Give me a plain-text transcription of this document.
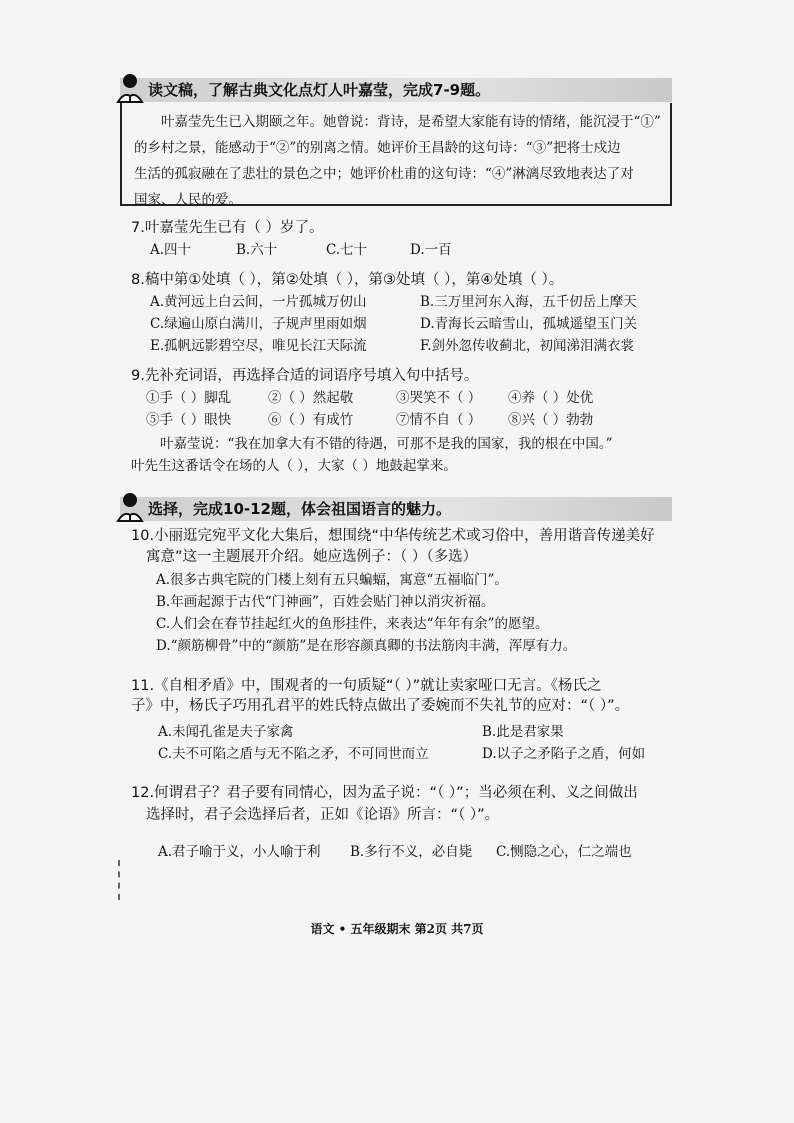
读文稿，了解古典文化点灯人叶嘉莹，完成7-9题。
叶嘉莹先生已入期颐之年。她曾说：背诗，是希望大家能有诗的情绪，能沉浸于“①”
的乡村之景，能感动于“②”的别离之情。她评价王昌龄的这句诗：“③”把将士戍边
生活的孤寂融在了悲壮的景色之中；她评价杜甫的这句诗：“④”淋漓尽致地表达了对
国家、人民的爱。
7.叶嘉莹先生已有（ ）岁了。
A.四十	B.六十	C.七十	D.一百
8.稿中第①处填（ ），第②处填（ ），第③处填（ ），第④处填（ ）。
A.黄河远上白云间，一片孤城万仞山	B.三万里河东入海，五千仞岳上摩天
C.绿遍山原白满川，子规声里雨如烟	D.青海长云暗雪山，孤城遥望玉门关
E.孤帆远影碧空尽，唯见长江天际流	F.剑外忽传收蓟北，初闻涕泪满衣裳
9.先补充词语，再选择合适的词语序号填入句中括号。
①手（ ）脚乱	②（ ）然起敬	③哭笑不（ ） ④养（ ）处优
⑤手（ ）眼快	⑥（ ）有成竹	⑦情不自（ ） ⑧兴（ ）勃勃
叶嘉莹说：“我在加拿大有不错的待遇，可那不是我的国家，我的根在中国。”
叶先生这番话令在场的人（ ），大家（ ）地鼓起掌来。
选择，完成10-12题，体会祖国语言的魅力。
10.小丽逛完宛平文化大集后，想围绕“中华传统艺术或习俗中，善用谐音传递美好
寓意”这一主题展开介绍。她应选例子：（ ）（多选）
A.很多古典宅院的门楼上刻有五只蝙蝠，寓意“五福临门”。
B.年画起源于古代“门神画”，百姓会贴门神以消灾祈福。
C.人们会在春节挂起红火的鱼形挂件，来表达“年年有余”的愿望。
D.“颜筋柳骨”中的“颜筋”是在形容颜真卿的书法筋肉丰满，浑厚有力。
11.《自相矛盾》中，围观者的一句质疑“（ ）”就让卖家哑口无言。《杨氏之
子》中，杨氏子巧用孔君平的姓氏特点做出了委婉而不失礼节的应对：“（ ）”。
A.未闻孔雀是夫子家禽	B.此是君家果
C.夫不可陷之盾与无不陷之矛，不可同世而立	D.以子之矛陷子之盾，何如
12.何谓君子？君子要有同情心，因为孟子说：“（ ）”；当必须在利、义之间做出
选择时，君子会选择后者，正如《论语》所言：“（ ）”。
A.君子喻于义，小人喻于利 B.多行不义，必自毙 C.恻隐之心，仁之端也
语文 • 五年级期末 第2页 共7页
